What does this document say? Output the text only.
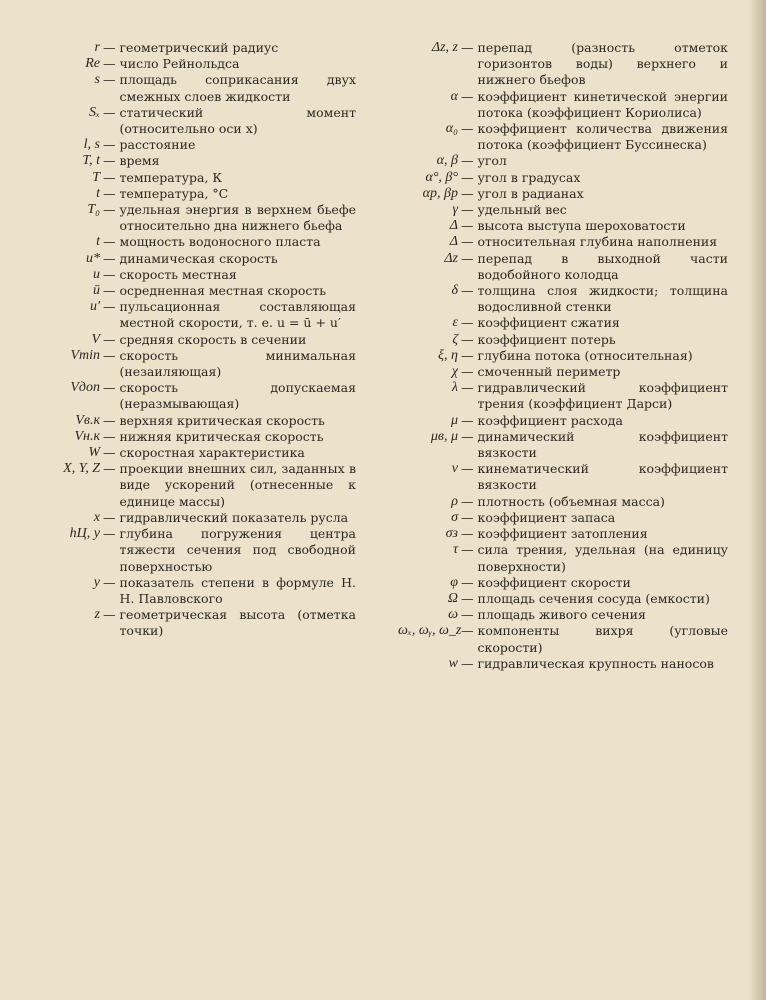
r — геометрический радиус
Re — число Рейнольдса
s — площадь соприкасания двух смежных слоев жидкости
Sₓ — статический момент (относительно оси x)
l, s — расстояние
T, t — время
T — температура, К
t — температура, °С
T₀ — удельная энергия в верхнем бьефе относительно дна нижнего бьефа
t — мощность водоносного пласта
u* — динамическая скорость
u — скорость местная
ū — осредненная местная скорость
u′ — пульсационная составляющая местной скорости, т. е. u = ū + u′
V — средняя скорость в сечении
Vmin — скорость минимальная (незаиляющая)
Vдоп — скорость допускаемая (неразмывающая)
Vв.к — верхняя критическая скорость
Vн.к — нижняя критическая скорость
W — скоростная характеристика
X, Y, Z — проекции внешних сил, заданных в виде ускорений (отнесенные к единице массы)
x — гидравлический показатель русла
hЦ, y — глубина погружения центра тяжести сечения под свободной поверхностью
y — показатель степени в формуле Н. Н. Павловского
z — геометрическая высота (отметка точки)
Δz, z — перепад (разность отметок горизонтов воды) верхнего и нижнего бьефов
α — коэффициент кинетической энергии потока (коэффициент Кориолиса)
α₀ — коэффициент количества движения потока (коэффициент Буссинеска)
α, β — угол
α°, β° — угол в градусах
αр, βр — угол в радианах
γ — удельный вес
Δ — высота выступа шероховатости
Δ — относительная глубина наполнения
Δz — перепад в выходной части водобойного колодца
δ — толщина слоя жидкости; толщина водосливной стенки
ε — коэффициент сжатия
ζ — коэффициент потерь
ξ, η — глубина потока (относительная)
χ — смоченный периметр
λ — гидравлический коэффициент трения (коэффициент Дарси)
μ — коэффициент расхода
μв, μ — динамический коэффициент вязкости
ν — кинематический коэффициент вязкости
ρ — плотность (объемная масса)
σ — коэффициент запаса
σз — коэффициент затопления
τ — сила трения, удельная (на единицу поверхности)
φ — коэффициент скорости
Ω — площадь сечения сосуда (емкости)
ω — площадь живого сечения
ωₓ, ωᵧ, ω_z — компоненты вихря (угловые скорости)
w — гидравлическая крупность наносов
